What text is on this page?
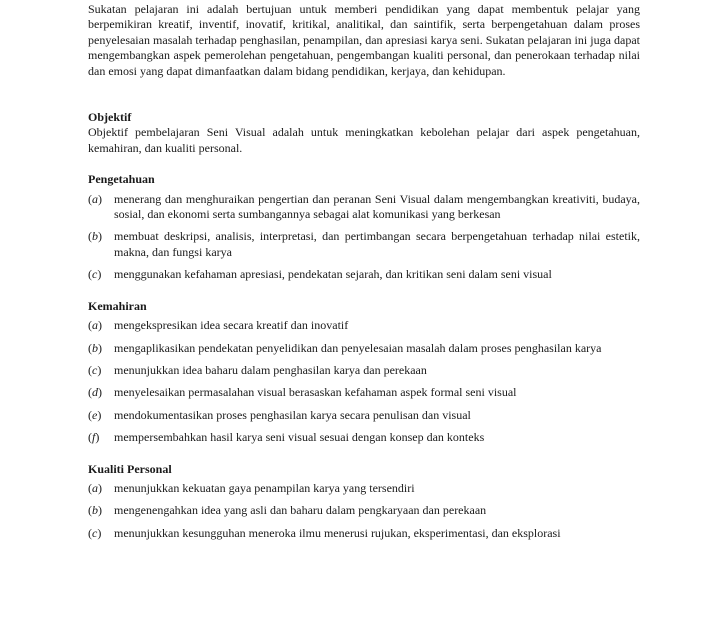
Sukatan pelajaran ini adalah bertujuan untuk memberi pendidikan yang dapat membentuk pelajar yang berpemikiran kreatif, inventif, inovatif, kritikal, analitikal, dan saintifik, serta berpengetahuan dalam proses penyelesaian masalah terhadap penghasilan, penampilan, dan apresiasi karya seni. Sukatan pelajaran ini juga dapat mengembangkan aspek pemerolehan pengetahuan, pengembangan kualiti personal, dan penerokaan terhadap nilai dan emosi yang dapat dimanfaatkan dalam bidang pendidikan, kerjaya, dan kehidupan.

Objektif

Objektif pembelajaran Seni Visual adalah untuk meningkatkan kebolehan pelajar dari aspek pengetahuan, kemahiran, dan kualiti personal.

Pengetahuan
(a)	menerang dan menghuraikan pengertian dan peranan Seni Visual dalam mengembangkan kreativiti, budaya, sosial, dan ekonomi serta sumbangannya sebagai alat komunikasi yang berkesan
(b)	membuat deskripsi, analisis, interpretasi, dan pertimbangan secara berpengetahuan terhadap nilai estetik, makna, dan fungsi karya
(c)	menggunakan kefahaman apresiasi, pendekatan sejarah, dan kritikan seni dalam seni visual
Kemahiran
(a)	mengekspresikan idea secara kreatif dan inovatif
(b)	mengaplikasikan pendekatan penyelidikan dan penyelesaian masalah dalam proses penghasilan karya
(c)	menunjukkan idea baharu dalam penghasilan karya dan perekaan
(d)	menyelesaikan permasalahan visual berasaskan kefahaman aspek formal seni visual
(e)	mendokumentasikan proses penghasilan karya secara penulisan dan visual
(f)	mempersembahkan hasil karya seni visual sesuai dengan konsep dan konteks
Kualiti Personal
(a)	menunjukkan kekuatan gaya penampilan karya yang tersendiri
(b)	mengenengahkan idea yang asli dan baharu dalam pengkaryaan dan perekaan
(c)	menunjukkan kesungguhan meneroka ilmu menerusi rujukan, eksperimentasi, dan eksplorasi
